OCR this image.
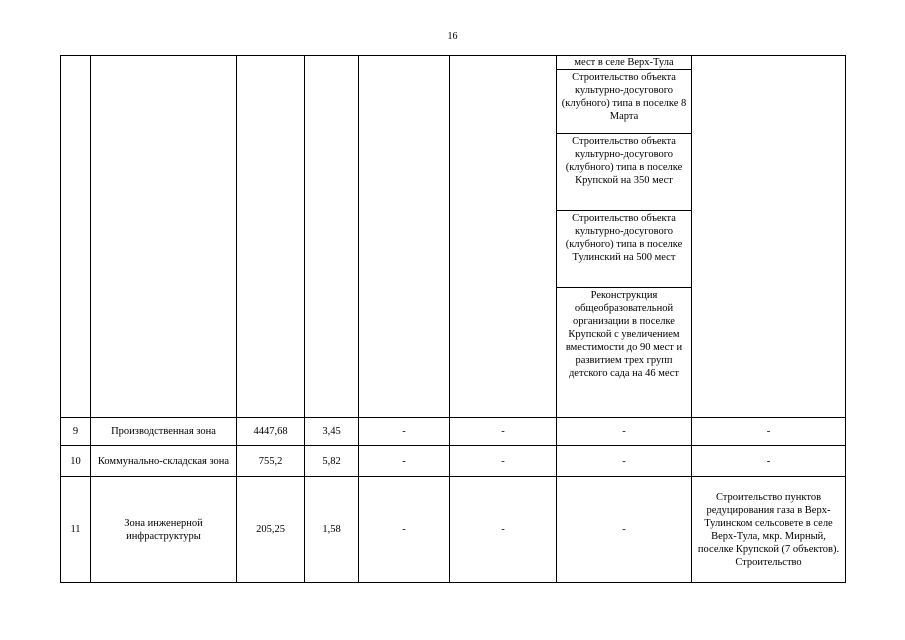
16

						мест в селе Верх-Тула
Строительство объекта культурно-досугового (клубного) типа в поселке 8 Марта
Строительство объекта культурно-досугового (клубного) типа в поселке Крупской на 350 мест
Строительство объекта культурно-досугового (клубного) типа в поселке Тулинский на 500 мест
Реконструкция общеобразовательной организации в поселке Крупской с увеличением вместимости до 90 мест и развитием трех групп детского сада на 46 мест	

9	Производственная зона	4447,68	3,45	-	-	-	-
10	Коммунально-складская зона	755,2	5,82	-	-	-	-
11	Зона инженерной инфраструктуры	205,25	1,58	-	-	-	Строительство пунктов редуцирования газа в Верх-Тулинском сельсовете в селе Верх-Тула, мкр. Мирный, поселке Крупской (7 объектов). Строительство
